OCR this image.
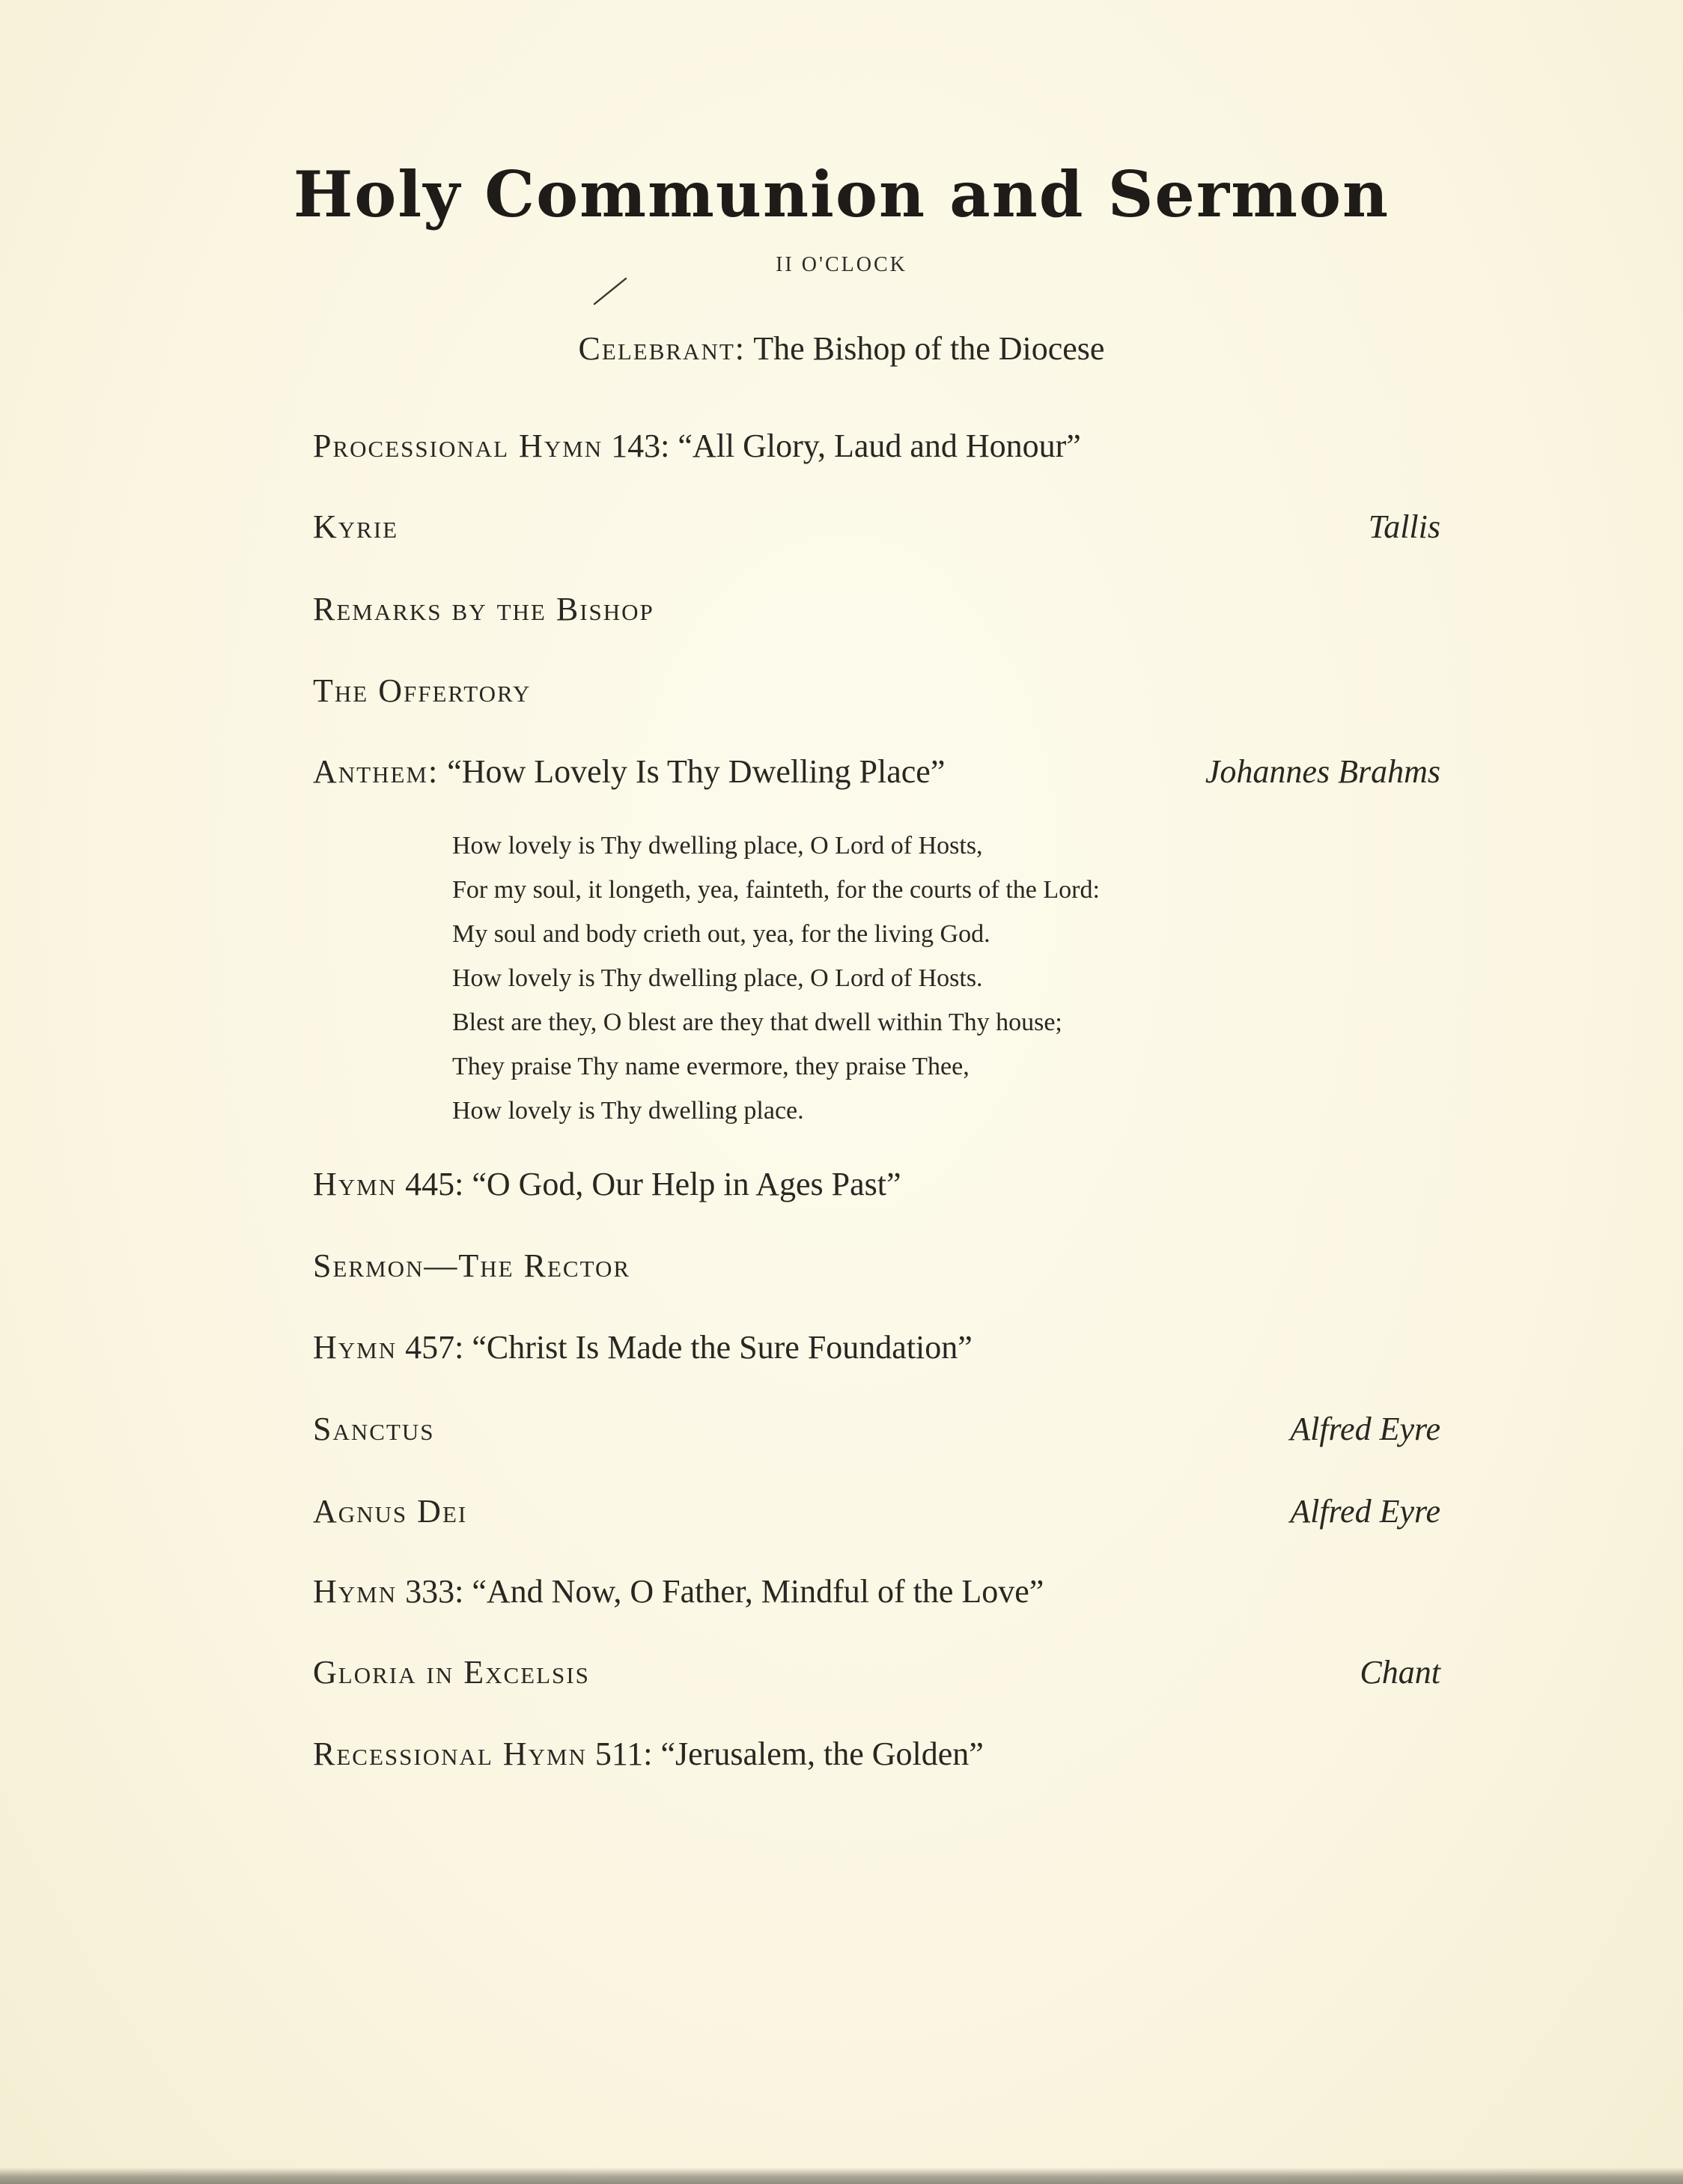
Holy Communion and Sermon
II O'CLOCK
Celebrant: The Bishop of the Diocese
Processional Hymn 143: “All Glory, Laud and Honour”
Kyrie	Tallis
Remarks by the Bishop
The Offertory
Anthem: “How Lovely Is Thy Dwelling Place”	Johannes Brahms
How lovely is Thy dwelling place, O Lord of Hosts,
For my soul, it longeth, yea, fainteth, for the courts of the Lord:
My soul and body crieth out, yea, for the living God.
How lovely is Thy dwelling place, O Lord of Hosts.
Blest are they, O blest are they that dwell within Thy house;
They praise Thy name evermore, they praise Thee,
How lovely is Thy dwelling place.
Hymn 445: “O God, Our Help in Ages Past”
Sermon—The Rector
Hymn 457: “Christ Is Made the Sure Foundation”
Sanctus	Alfred Eyre
Agnus Dei	Alfred Eyre
Hymn 333: “And Now, O Father, Mindful of the Love”
Gloria in Excelsis	Chant
Recessional Hymn 511: “Jerusalem, the Golden”
